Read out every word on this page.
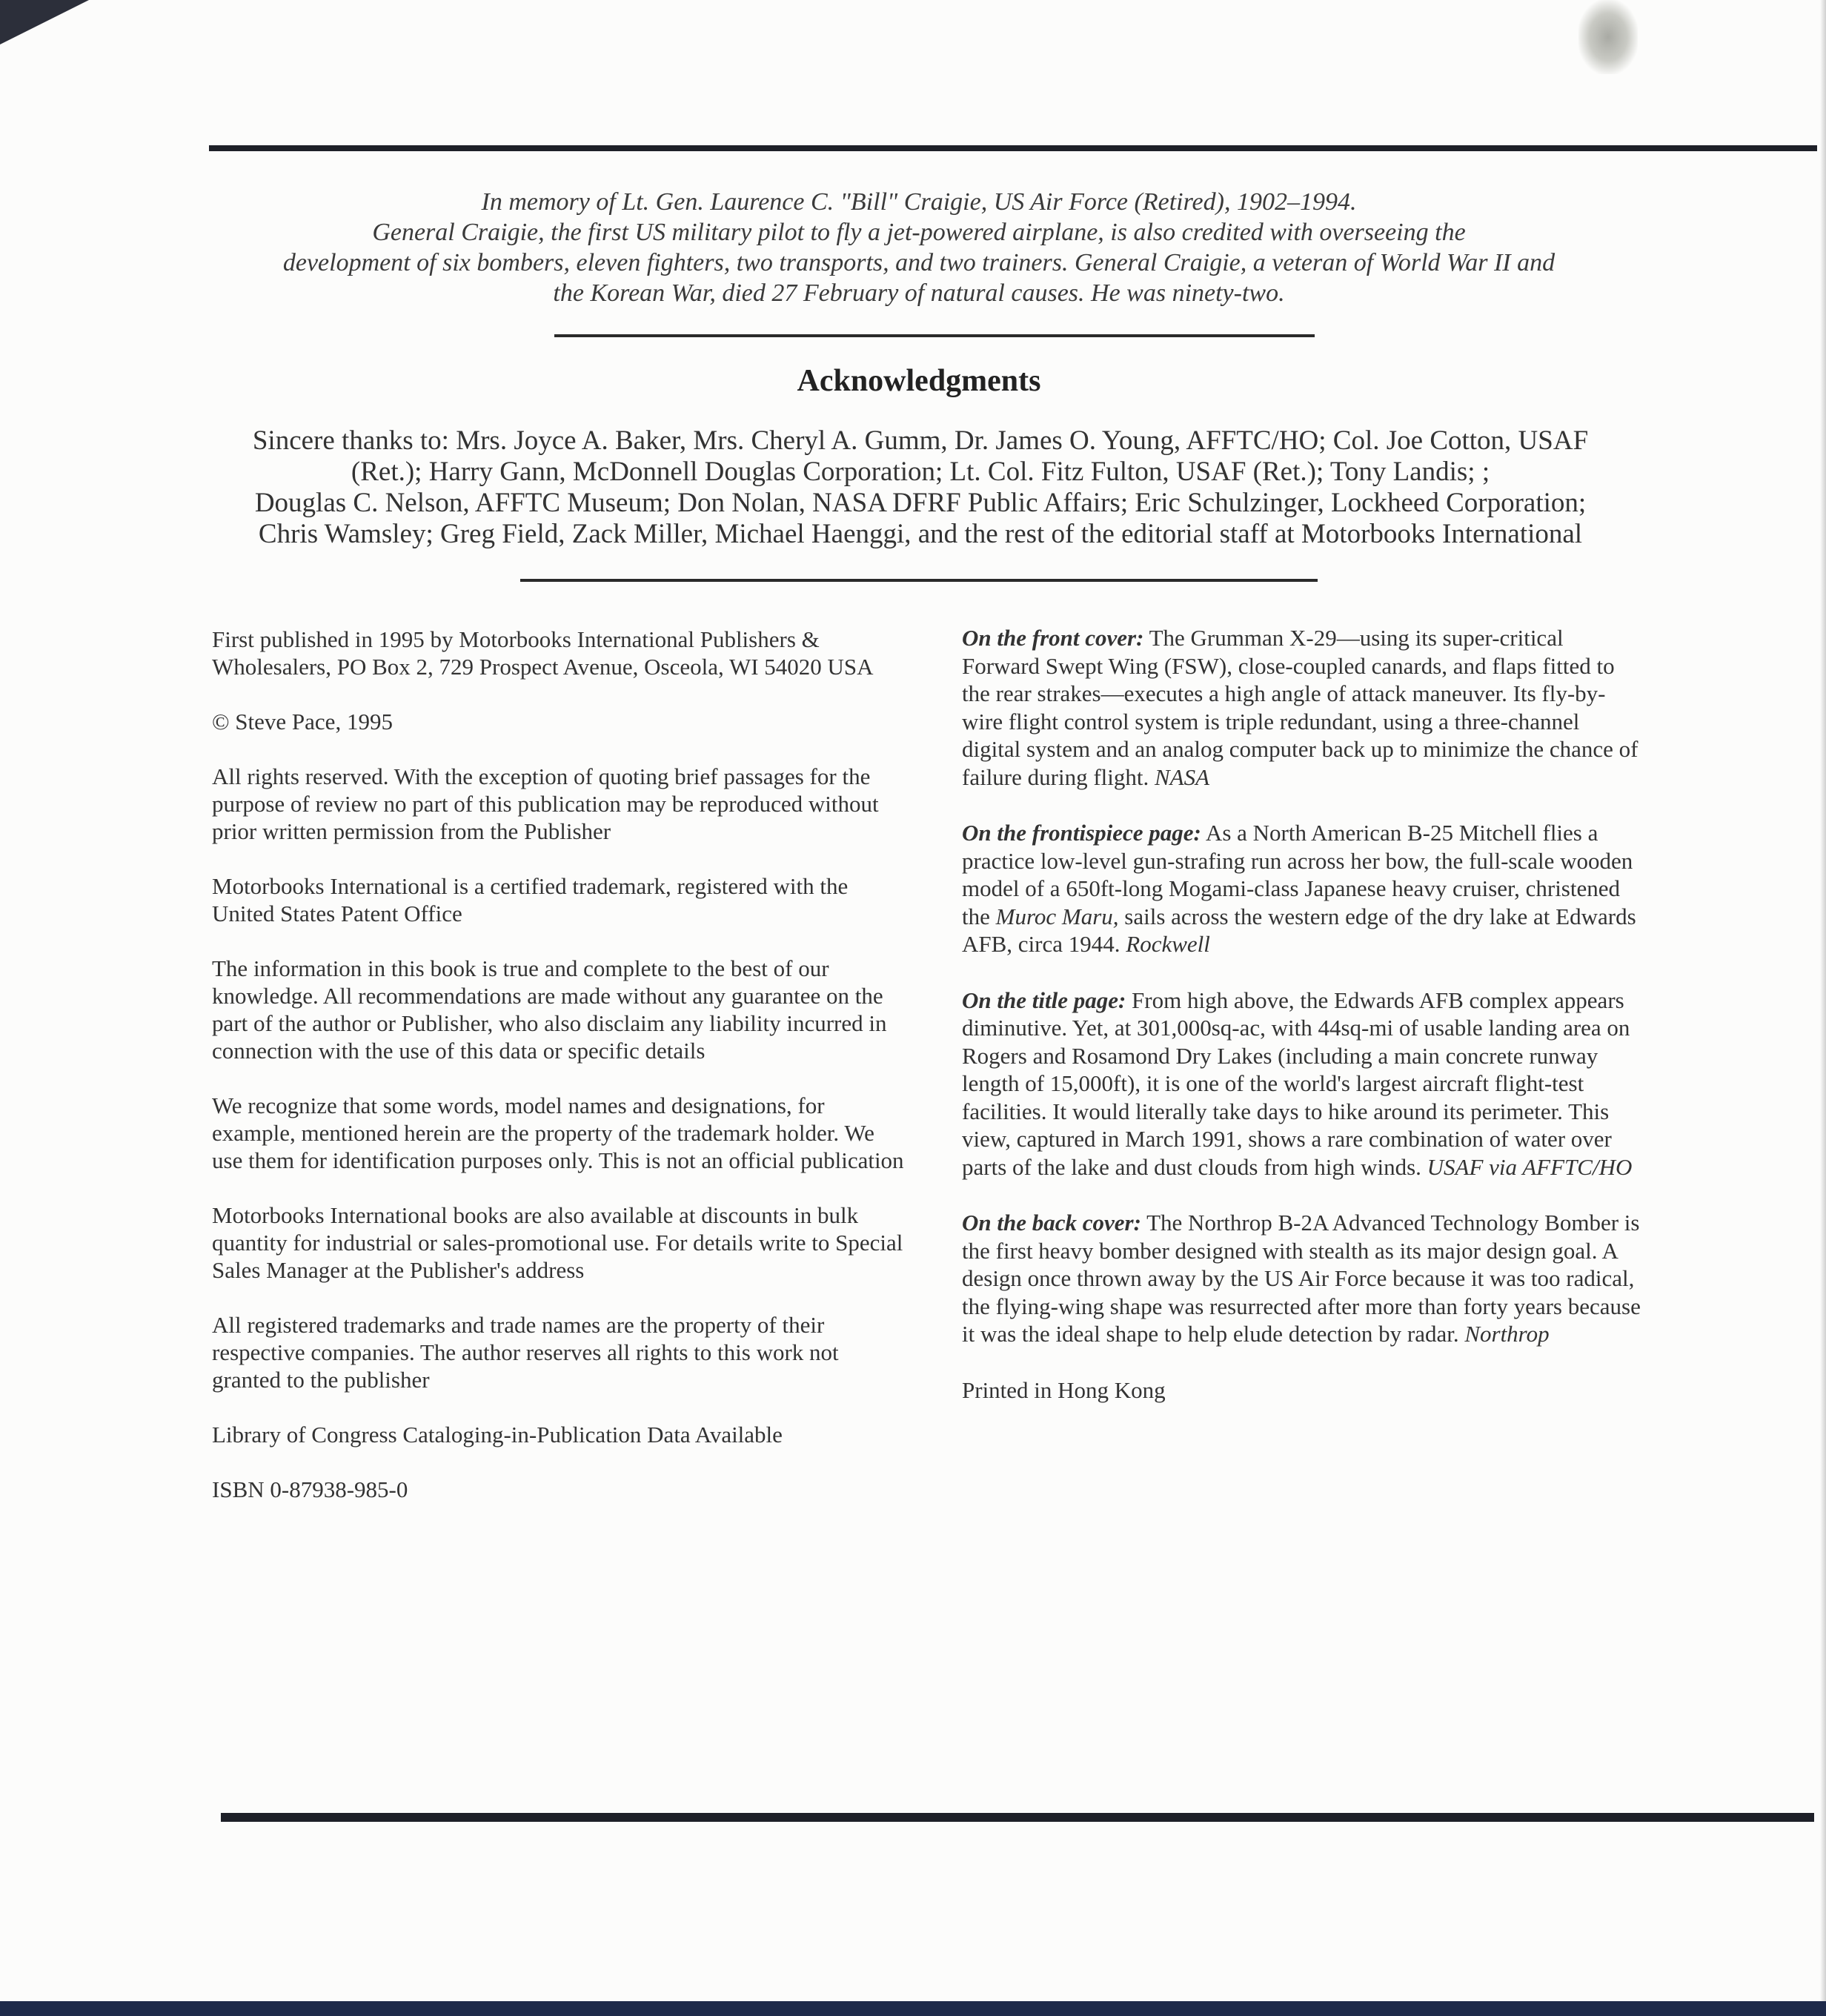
In memory of Lt. Gen. Laurence C. "Bill" Craigie, US Air Force (Retired), 1902–1994.
General Craigie, the first US military pilot to fly a jet-powered airplane, is also credited with overseeing the
development of six bombers, eleven fighters, two transports, and two trainers. General Craigie, a veteran of World War II and
the Korean War, died 27 February of natural causes. He was ninety-two.
Acknowledgments
Sincere thanks to: Mrs. Joyce A. Baker, Mrs. Cheryl A. Gumm, Dr. James O. Young, AFFTC/HO; Col. Joe Cotton, USAF
(Ret.); Harry Gann, McDonnell Douglas Corporation; Lt. Col. Fitz Fulton, USAF (Ret.); Tony Landis; ;
Douglas C. Nelson, AFFTC Museum; Don Nolan, NASA DFRF Public Affairs; Eric Schulzinger, Lockheed Corporation;
Chris Wamsley; Greg Field, Zack Miller, Michael Haenggi, and the rest of the editorial staff at Motorbooks International

First published in 1995 by Motorbooks International Publishers & Wholesalers, PO Box 2, 729 Prospect Avenue, Osceola, WI 54020 USA

© Steve Pace, 1995

All rights reserved. With the exception of quoting brief passages for the purpose of review no part of this publication may be reproduced without prior written permission from the Publisher

Motorbooks International is a certified trademark, registered with the United States Patent Office

The information in this book is true and complete to the best of our knowledge. All recommendations are made without any guarantee on the part of the author or Publisher, who also disclaim any liability incurred in connection with the use of this data or specific details

We recognize that some words, model names and designations, for example, mentioned herein are the property of the trademark holder. We use them for identification purposes only. This is not an official publication

Motorbooks International books are also available at discounts in bulk quantity for industrial or sales-promotional use. For details write to Special Sales Manager at the Publisher's address

All registered trademarks and trade names are the property of their respective companies. The author reserves all rights to this work not granted to the publisher

Library of Congress Cataloging-in-Publication Data Available

ISBN 0-87938-985-0

On the front cover: The Grumman X-29—using its super-critical Forward Swept Wing (FSW), close-coupled canards, and flaps fitted to the rear strakes—executes a high angle of attack maneuver. Its fly-by-wire flight control system is triple redundant, using a three-channel digital system and an analog computer back up to minimize the chance of failure during flight. NASA

On the frontispiece page: As a North American B-25 Mitchell flies a practice low-level gun-strafing run across her bow, the full-scale wooden model of a 650ft-long Mogami-class Japanese heavy cruiser, christened the Muroc Maru, sails across the western edge of the dry lake at Edwards AFB, circa 1944. Rockwell

On the title page: From high above, the Edwards AFB complex appears diminutive. Yet, at 301,000sq-ac, with 44sq-mi of usable landing area on Rogers and Rosamond Dry Lakes (including a main concrete runway length of 15,000ft), it is one of the world's largest aircraft flight-test facilities. It would literally take days to hike around its perimeter. This view, captured in March 1991, shows a rare combination of water over parts of the lake and dust clouds from high winds. USAF via AFFTC/HO

On the back cover: The Northrop B-2A Advanced Technology Bomber is the first heavy bomber designed with stealth as its major design goal. A design once thrown away by the US Air Force because it was too radical, the flying-wing shape was resurrected after more than forty years because it was the ideal shape to help elude detection by radar. Northrop

Printed in Hong Kong
